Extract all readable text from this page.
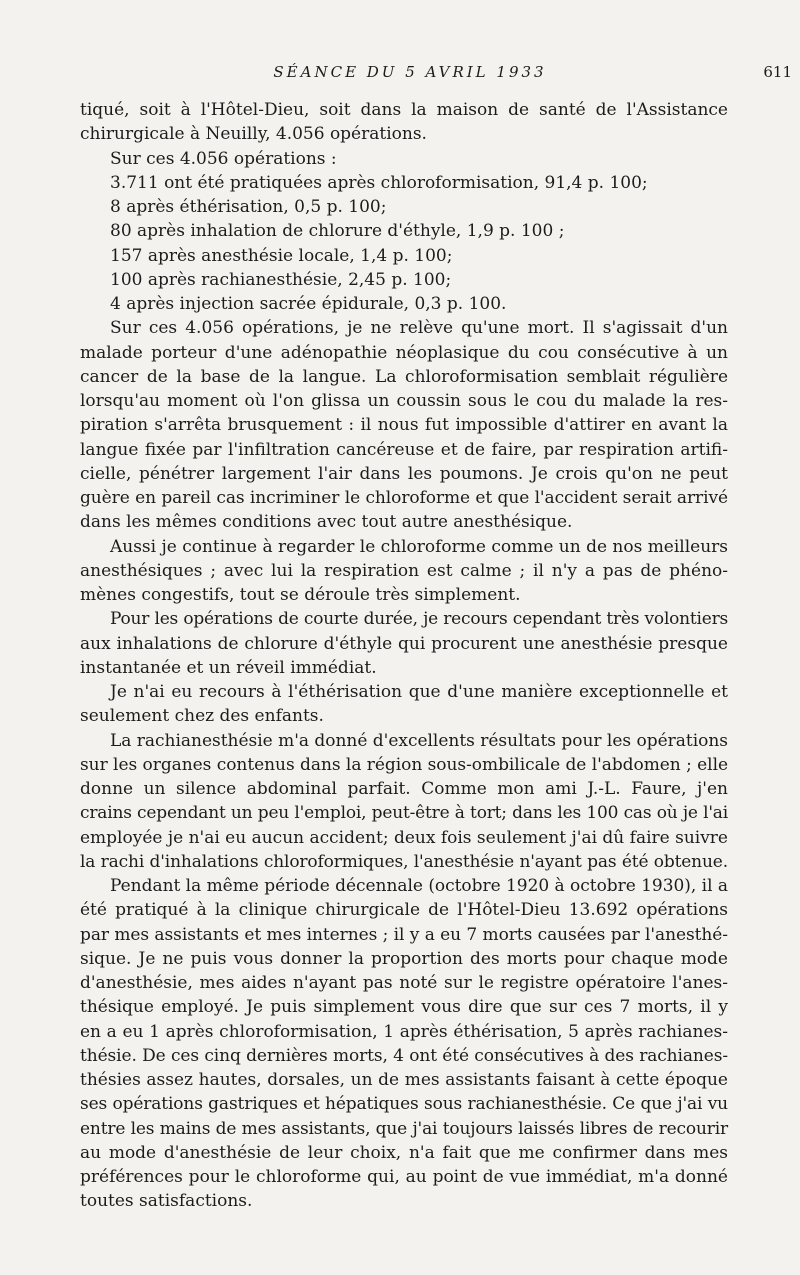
SÉANCE DU 5 AVRIL 1933	611
tiqué, soit à l'Hôtel-Dieu, soit dans la maison de santé de l'Assistance
chirurgicale à Neuilly, 4.056 opérations.
Sur ces 4.056 opérations :
3.711 ont été pratiquées après chloroformisation, 91,4 p. 100;
8 après éthérisation, 0,5 p. 100;
80 après inhalation de chlorure d'éthyle, 1,9 p. 100 ;
157 après anesthésie locale, 1,4 p. 100;
100 après rachianesthésie, 2,45 p. 100;
4 après injection sacrée épidurale, 0,3 p. 100.
Sur ces 4.056 opérations, je ne relève qu'une mort. Il s'agissait d'un
malade porteur d'une adénopathie néoplasique du cou consécutive à un
cancer de la base de la langue. La chloroformisation semblait régulière
lorsqu'au moment où l'on glissa un coussin sous le cou du malade la res-
piration s'arrêta brusquement : il nous fut impossible d'attirer en avant la
langue fixée par l'infiltration cancéreuse et de faire, par respiration artifi-
cielle, pénétrer largement l'air dans les poumons. Je crois qu'on ne peut
guère en pareil cas incriminer le chloroforme et que l'accident serait arrivé
dans les mêmes conditions avec tout autre anesthésique.
Aussi je continue à regarder le chloroforme comme un de nos meilleurs
anesthésiques ; avec lui la respiration est calme ; il n'y a pas de phéno-
mènes congestifs, tout se déroule très simplement.
Pour les opérations de courte durée, je recours cependant très volontiers
aux inhalations de chlorure d'éthyle qui procurent une anesthésie presque
instantanée et un réveil immédiat.
Je n'ai eu recours à l'éthérisation que d'une manière exceptionnelle et
seulement chez des enfants.
La rachianesthésie m'a donné d'excellents résultats pour les opérations
sur les organes contenus dans la région sous-ombilicale de l'abdomen ; elle
donne un silence abdominal parfait. Comme mon ami J.-L. Faure, j'en
crains cependant un peu l'emploi, peut-être à tort; dans les 100 cas où je l'ai
employée je n'ai eu aucun accident; deux fois seulement j'ai dû faire suivre
la rachi d'inhalations chloroformiques, l'anesthésie n'ayant pas été obtenue.
Pendant la même période décennale (octobre 1920 à octobre 1930), il a
été pratiqué à la clinique chirurgicale de l'Hôtel-Dieu 13.692 opérations
par mes assistants et mes internes ; il y a eu 7 morts causées par l'anesthé-
sique. Je ne puis vous donner la proportion des morts pour chaque mode
d'anesthésie, mes aides n'ayant pas noté sur le registre opératoire l'anes-
thésique employé. Je puis simplement vous dire que sur ces 7 morts, il y
en a eu 1 après chloroformisation, 1 après éthérisation, 5 après rachianes-
thésie. De ces cinq dernières morts, 4 ont été consécutives à des rachianes-
thésies assez hautes, dorsales, un de mes assistants faisant à cette époque
ses opérations gastriques et hépatiques sous rachianesthésie. Ce que j'ai vu
entre les mains de mes assistants, que j'ai toujours laissés libres de recourir
au mode d'anesthésie de leur choix, n'a fait que me confirmer dans mes
préférences pour le chloroforme qui, au point de vue immédiat, m'a donné
toutes satisfactions.
